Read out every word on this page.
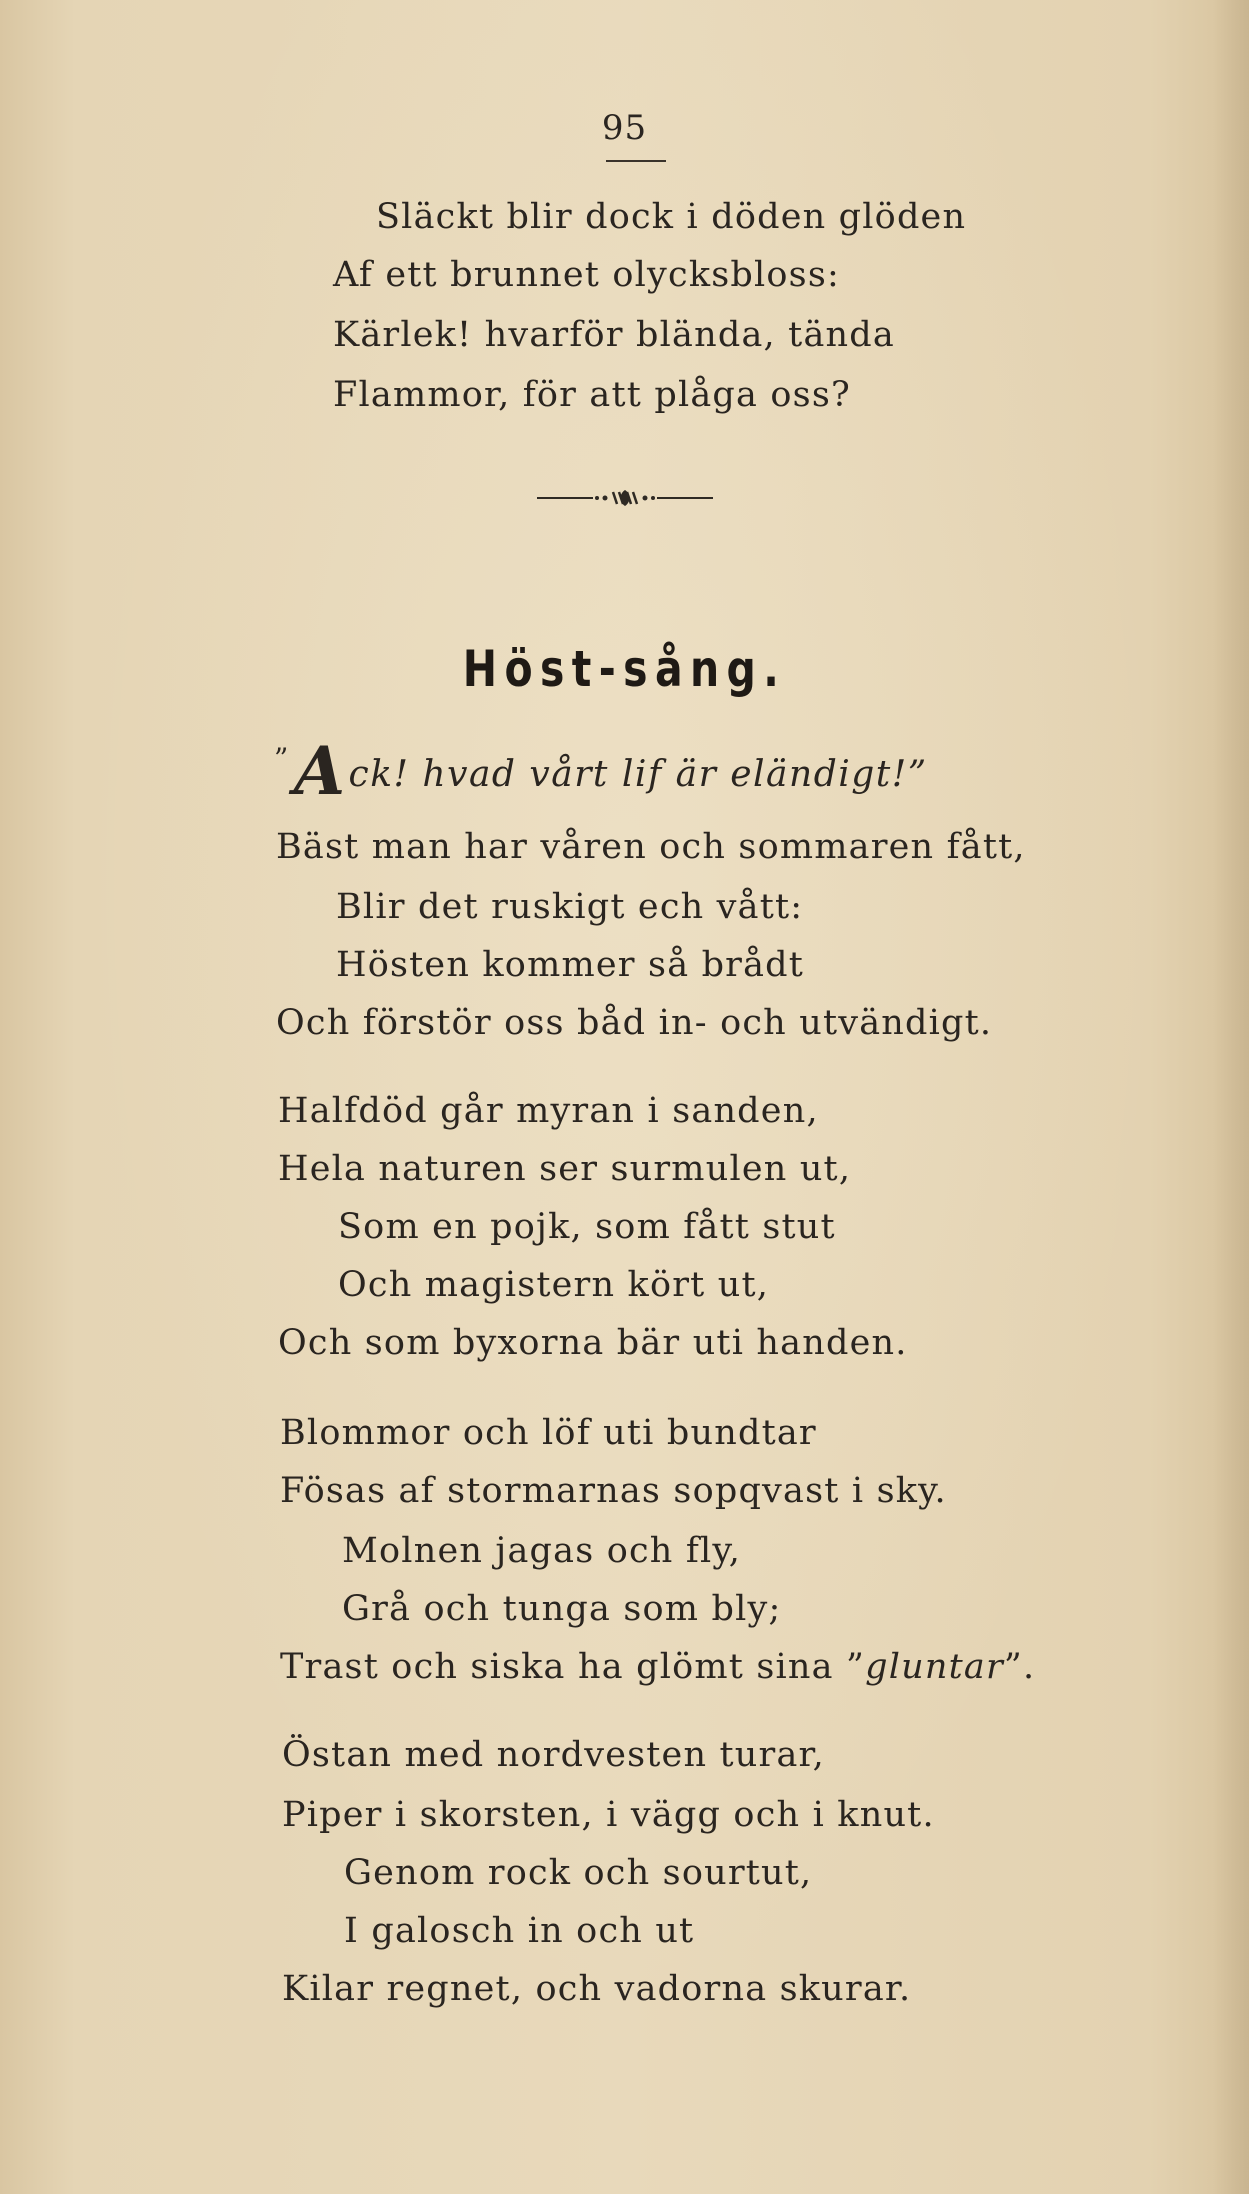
95
Släckt blir dock i döden glöden
Af ett brunnet olycksbloss:
Kärlek! hvarför blända, tända
Flammor, för att plåga oss?
Höst-sång.
”Ack! hvad vårt lif är eländigt!”
Bäst man har våren och sommaren fått,
Blir det ruskigt ech vått:
Hösten kommer så brådt
Och förstör oss båd in- och utvändigt.
Halfdöd går myran i sanden,
Hela naturen ser surmulen ut,
Som en pojk, som fått stut
Och magistern kört ut,
Och som byxorna bär uti handen.
Blommor och löf uti bundtar
Fösas af stormarnas sopqvast i sky.
Molnen jagas och fly,
Grå och tunga som bly;
Trast och siska ha glömt sina ”gluntar”.
Östan med nordvesten turar,
Piper i skorsten, i vägg och i knut.
Genom rock och sourtut,
I galosch in och ut
Kilar regnet, och vadorna skurar.
